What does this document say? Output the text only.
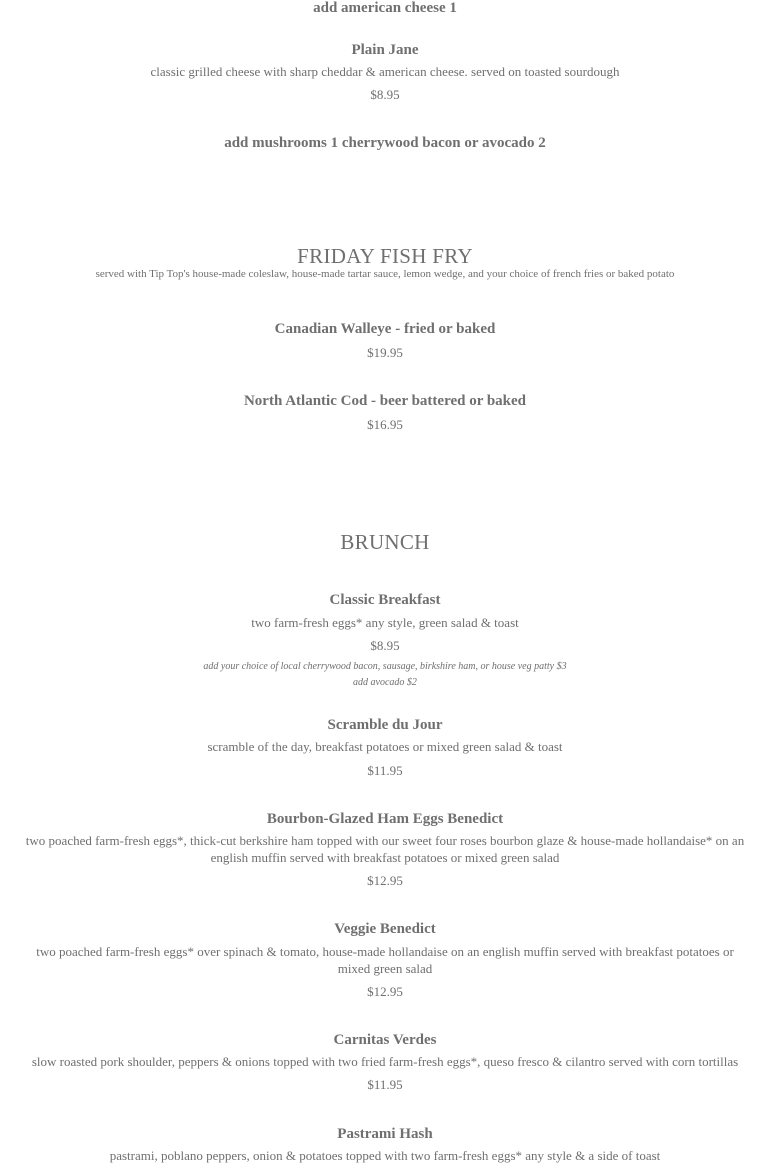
add american cheese 1
Plain Jane
classic grilled cheese with sharp cheddar & american cheese. served on toasted sourdough
$8.95
add mushrooms 1 cherrywood bacon or avocado 2
FRIDAY FISH FRY
served with Tip Top's house-made coleslaw, house-made tartar sauce, lemon wedge, and your choice of french fries or baked potato
Canadian Walleye - fried or baked
$19.95
North Atlantic Cod - beer battered or baked
$16.95
BRUNCH
Classic Breakfast
two farm-fresh eggs* any style, green salad & toast
$8.95
add your choice of local cherrywood bacon, sausage, birkshire ham, or house veg patty $3
add avocado $2
Scramble du Jour
scramble of the day, breakfast potatoes or mixed green salad & toast
$11.95
Bourbon-Glazed Ham Eggs Benedict
two poached farm-fresh eggs*, thick-cut berkshire ham topped with our sweet four roses bourbon glaze & house-made hollandaise* on an english muffin served with breakfast potatoes or mixed green salad
$12.95
Veggie Benedict
two poached farm-fresh eggs* over spinach & tomato, house-made hollandaise on an english muffin served with breakfast potatoes or mixed green salad
$12.95
Carnitas Verdes
slow roasted pork shoulder, peppers & onions topped with two fried farm-fresh eggs*, queso fresco & cilantro served with corn tortillas
$11.95
Pastrami Hash
pastrami, poblano peppers, onion & potatoes topped with two farm-fresh eggs* any style & a side of toast
